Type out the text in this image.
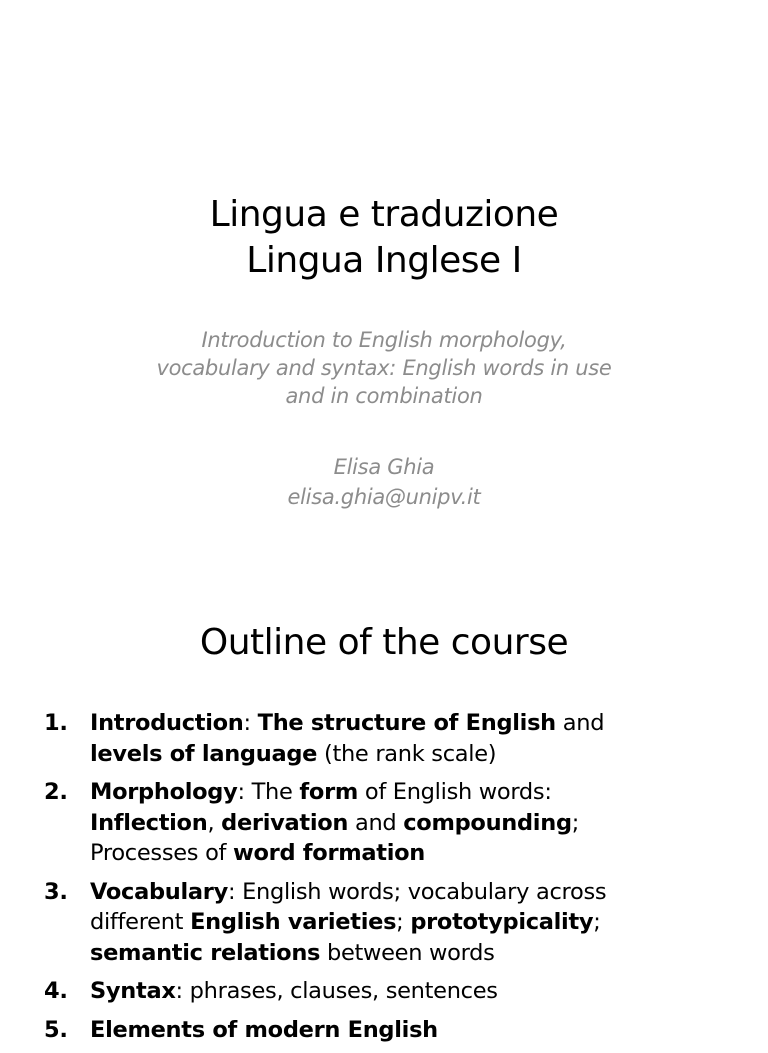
Lingua e traduzione
Lingua Inglese I
Introduction to English morphology,
vocabulary and syntax: English words in use
and in combination
Elisa Ghia
elisa.ghia@unipv.it
Outline of the course
1. Introduction: The structure of English and
levels of language (the rank scale)
2. Morphology: The form of English words:
Inflection, derivation and compounding;
Processes of word formation
3. Vocabulary: English words; vocabulary across
different English varieties; prototypicality;
semantic relations between words
4. Syntax: phrases, clauses, sentences
5. Elements of modern English
